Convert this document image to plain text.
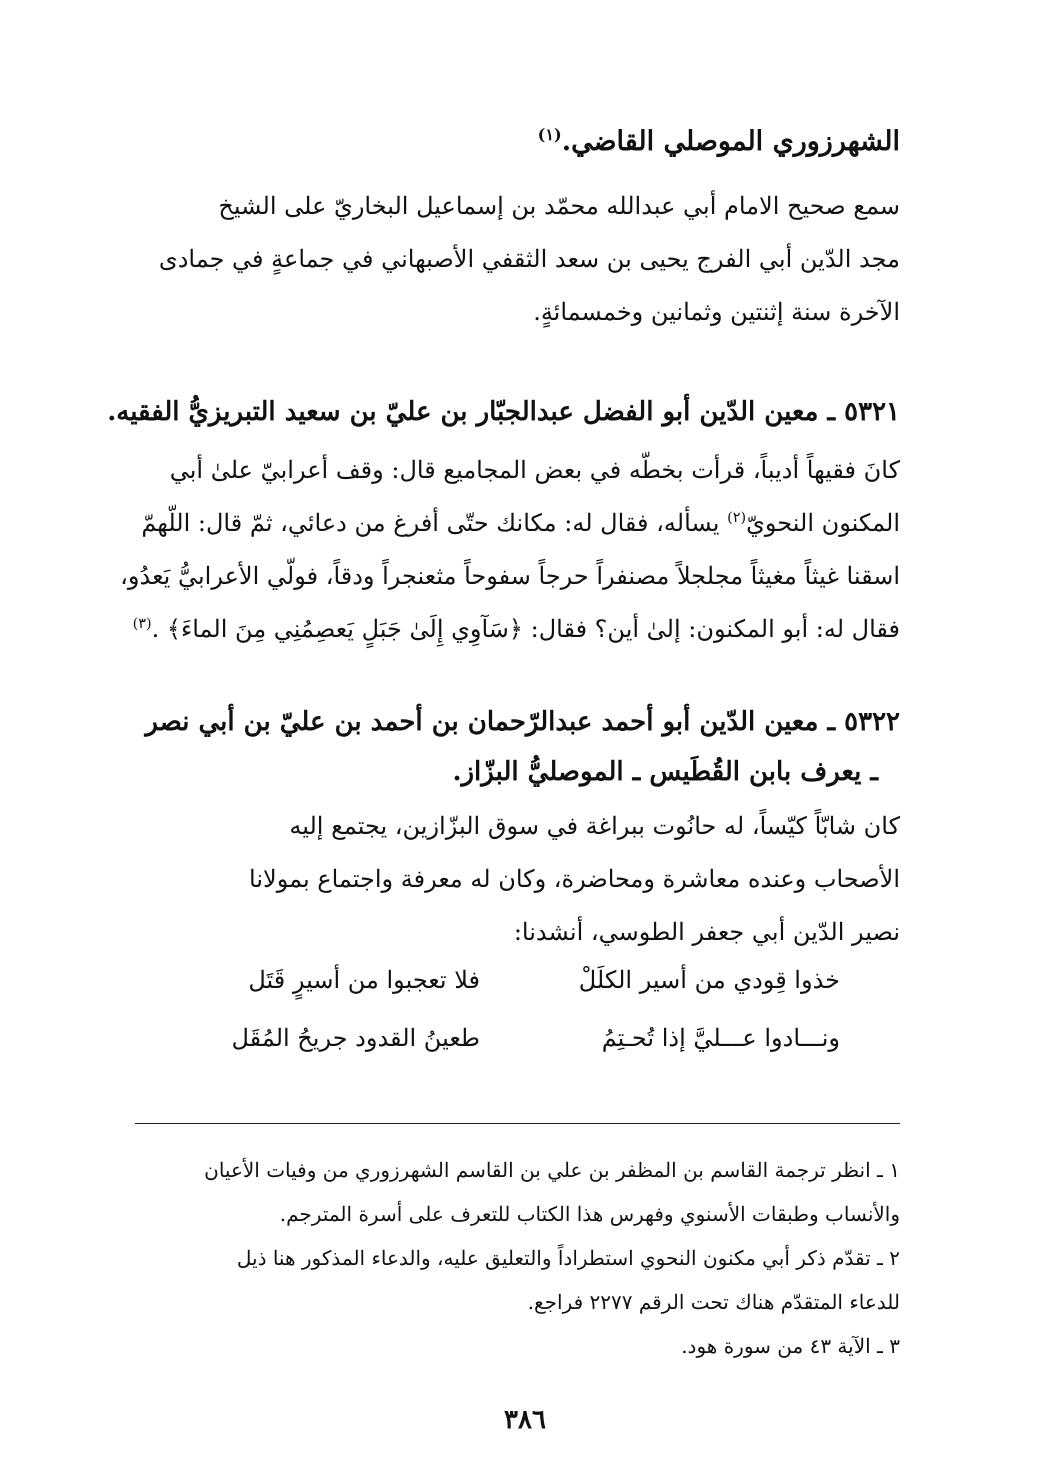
الشهرزوري الموصلي القاضي.$^{(١)}$
سمع صحيح الامام أبي عبدالله محمّد بن إسماعيل البخاريّ على الشيخ
مجد الدّين أبي الفرج يحيى بن سعد الثقفي الأصبهاني في جماعةٍ في جمادى
الآخرة سنة إثنتين وثمانين وخمسمائةٍ.
٥٣٢١ ـ معين الدّين أبو الفضل عبدالجبّار بن عليّ بن سعيد التبريزيُّ الفقيه.
كانَ فقيهاً أديباً، قرأت بخطّه في بعض المجاميع قال: وقف أعرابيّ علىٰ أبي
المكنون النحويّ$^{(٢)}$ يسأله، فقال له: مكانك حتّى أفرغ من دعائي، ثمّ قال: اللّهمّ
اسقنا غيثاً مغيثاً مجلجلاً مصنفراً حرجاً سفوحاً مثعنجراً ودقاً، فولّي الأعرابيُّ يَعدُو،
فقال له: أبو المكنون: إلىٰ أين؟ فقال: ﴿سَآوِي إِلَىٰ جَبَلٍ يَعصِمُنِي مِنَ الماءَ﴾ .$^{(٣)}$
٥٣٢٢ ـ معين الدّين أبو أحمد عبدالرّحمان بن أحمد بن عليّ بن أبي نصر
ـ يعرف بابن القُطَيس ـ الموصليُّ البزّاز.
كان شابّاً كيّساً، له حانُوت ببراغة في سوق البزّازين، يجتمع إليه
الأصحاب وعنده معاشرة ومحاضرة، وكان له معرفة واجتماع بمولانا
نصير الدّين أبي جعفر الطوسي، أنشدنا:
خذوا قِودي من أسير الكلَلْ
فلا تعجبوا من أسيرٍ قَتَل
ونـــادوا عـــليَّ إذا تُحـتِمُ
طعينُ القدود جريحُ المُقَل
١ ـ انظر ترجمة القاسم بن المظفر بن علي بن القاسم الشهرزوري من وفيات الأعيان
والأنساب وطبقات الأسنوي وفهرس هذا الكتاب للتعرف على أسرة المترجم.
٢ ـ تقدّم ذكر أبي مكنون النحوي استطراداً والتعليق عليه، والدعاء المذكور هنا ذيل
للدعاء المتقدّم هناك تحت الرقم ٢٢٧٧ فراجع.
٣ ـ الآية ٤٣ من سورة هود.
٣٨٦
